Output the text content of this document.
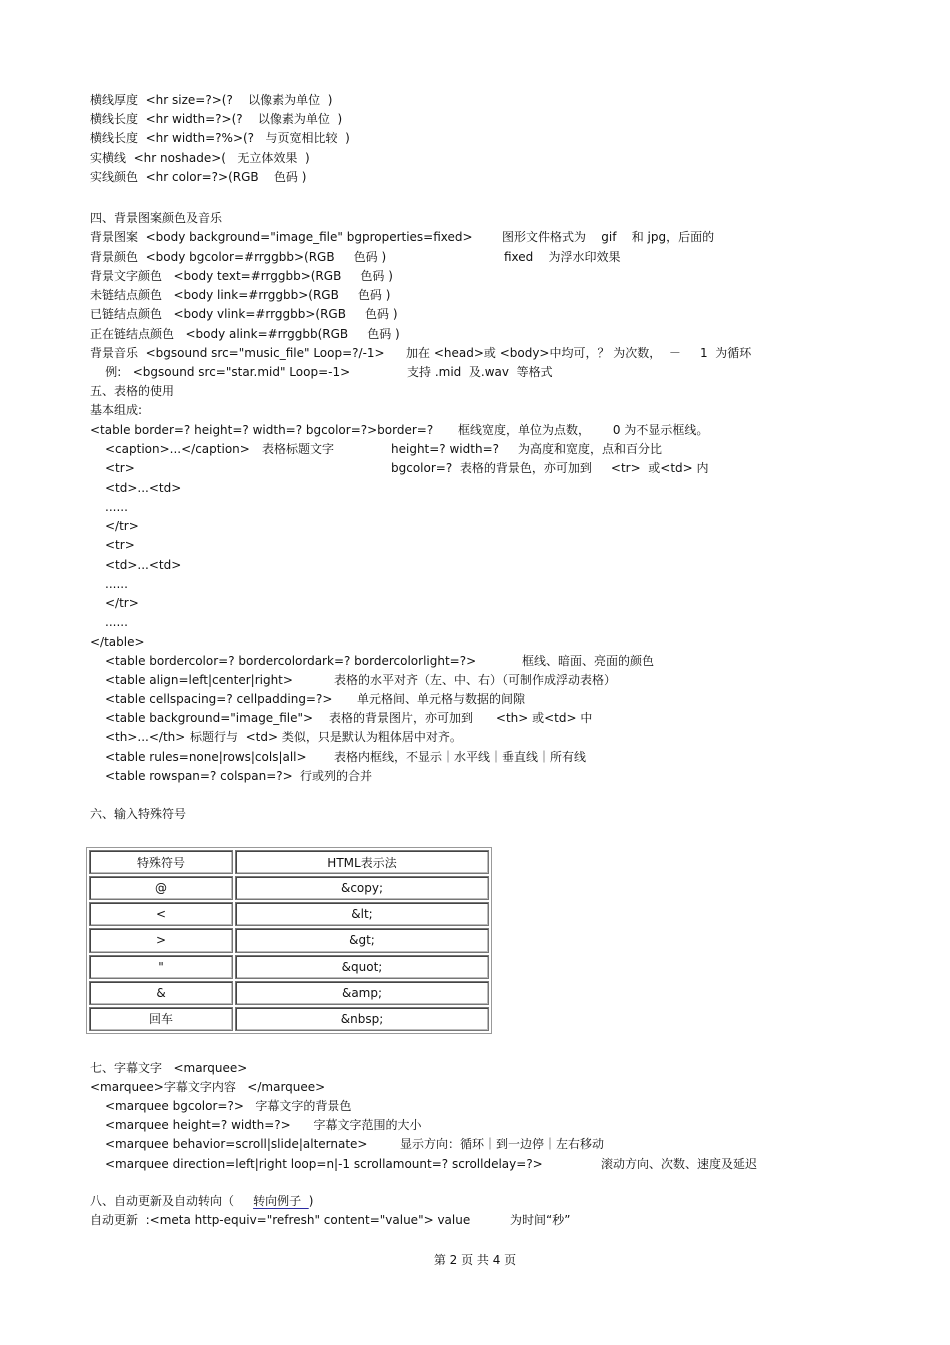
横线厚度  <hr size=?>(?    以像素为单位  )
横线长度  <hr width=?>(?    以像素为单位  )
横线长度  <hr width=?%>(?   与页宽相比较  )
实横线  <hr noshade>(   无立体效果  )
实线颜色  <hr color=?>(RGB    色码 )
四、背景图案颜色及音乐
背景图案  <body background="image_file" bgproperties=fixed> 图形文件格式为    gif    和 jpg，后面的
背景颜色  <body bgcolor=#rrggbb>(RGB     色码 )	fixed    为浮水印效果
背景文字颜色   <body text=#rrggbb>(RGB     色码 )
未链结点颜色   <body link=#rrggbb>(RGB     色码 )
已链结点颜色   <body vlink=#rrggbb>(RGB     色码 )
正在链结点颜色   <body alink=#rrggbb(RGB     色码 )
背景音乐  <bgsound src="music_file" Loop=?/-1> 加在 <head>或 <body>中均可，？ 为次数，  －     1  为循环
例:   <bgsound src="star.mid" Loop=-1>	支持 .mid  及.wav  等格式
五、表格的使用
基本组成:
<table border=? height=? width=? bgcolor=?>border=? 框线宽度，单位为点数，      0 为不显示框线。
<caption>...</caption> 表格标题文字	height=? width=?     为高度和宽度，点和百分比
<tr>	bgcolor=?  表格的背景色，亦可加到     <tr>  或<td> 内
<td>...<td>
......
</tr>
<tr>
<td>...<td>
......
</tr>
......
</table>
<table bordercolor=? bordercolordark=? bordercolorlight=?>	框线、暗面、亮面的颜色
<table align=left|center|right>	表格的水平对齐（左、中、右）（可制作成浮动表格）
<table cellspacing=? cellpadding=?> 单元格间、单元格与数据的间隙
<table background="image_file"> 表格的背景图片，亦可加到      <th> 或<td> 中
<th>...</th> 标题行与  <td> 类似，只是默认为粗体居中对齐。
<table rules=none|rows|cols|all> 表格内框线，不显示｜水平线｜垂直线｜所有线
<table rowspan=? colspan=?> 行或列的合并
六、输入特殊符号
特殊符号	HTML表示法
@	&copy;
<	&lt;
>	&gt;
"	&quot;
&	&amp;
回车	&nbsp;
七、字幕文字   <marquee>
<marquee>字幕文字内容   </marquee>
<marquee bgcolor=?>   字幕文字的背景色
<marquee height=? width=?>      字幕文字范围的大小
<marquee behavior=scroll|slide|alternate>	显示方向：循环｜到一边停｜左右移动
<marquee direction=left|right loop=n|-1 scrollamount=? scrolldelay=?>	滚动方向、次数、速度及延迟
八、自动更新及自动转向（     转向例子  )
自动更新  :<meta http-equiv="refresh" content="value"> value	为时间“秒”
第 2 页 共 4 页
